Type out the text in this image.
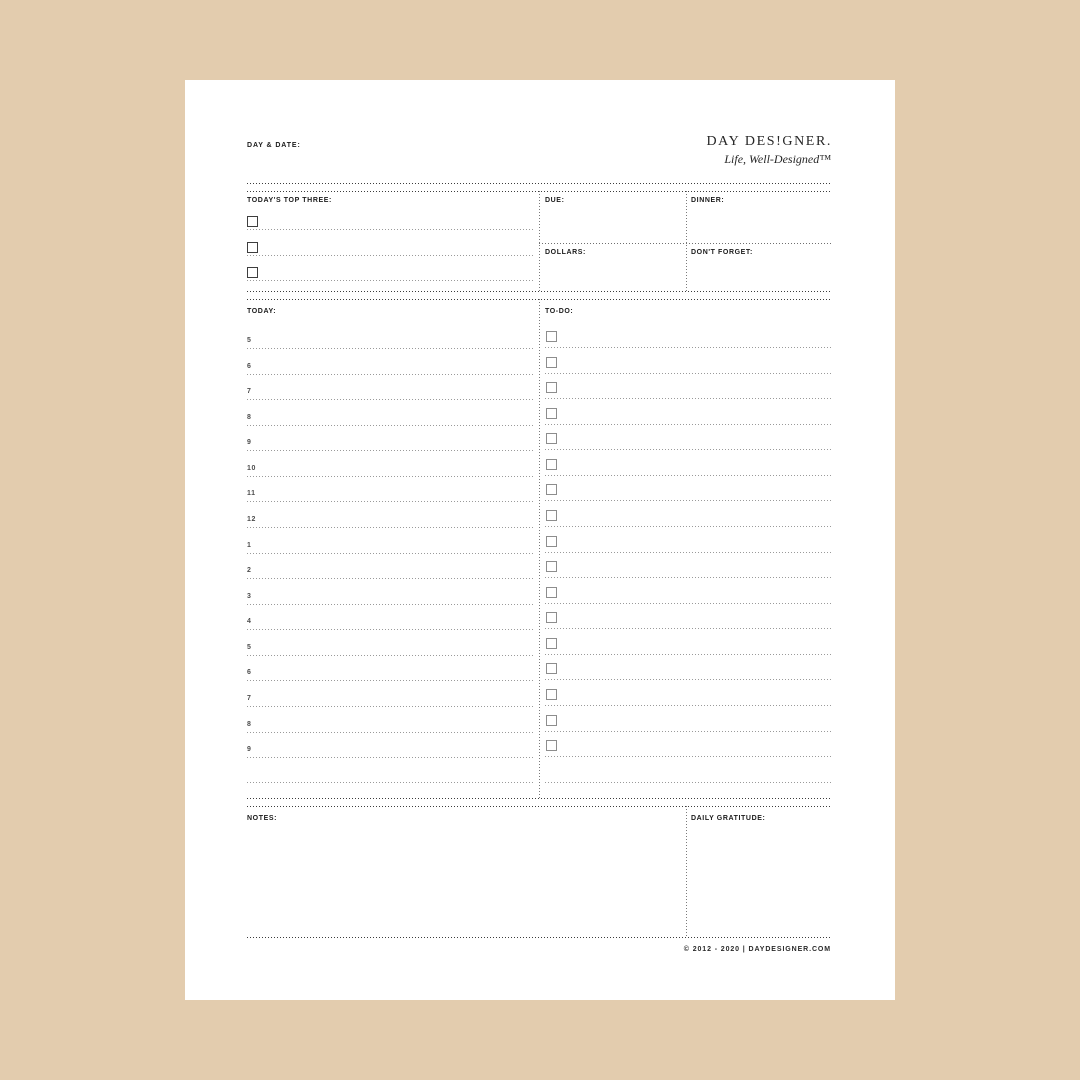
DAY & DATE:	DAY DES!GNER.
Life, Well-Designed™
TODAY'S TOP THREE:	DUE:	DINNER:
DOLLARS:	DON'T FORGET:
TODAY:	TO-DO:
NOTES:	DAILY GRATITUDE:
© 2012 - 2020 | DAYDESIGNER.COM
5
6
7
8
9
10
11
12
1
2
3
4
5
6
7
8
9
